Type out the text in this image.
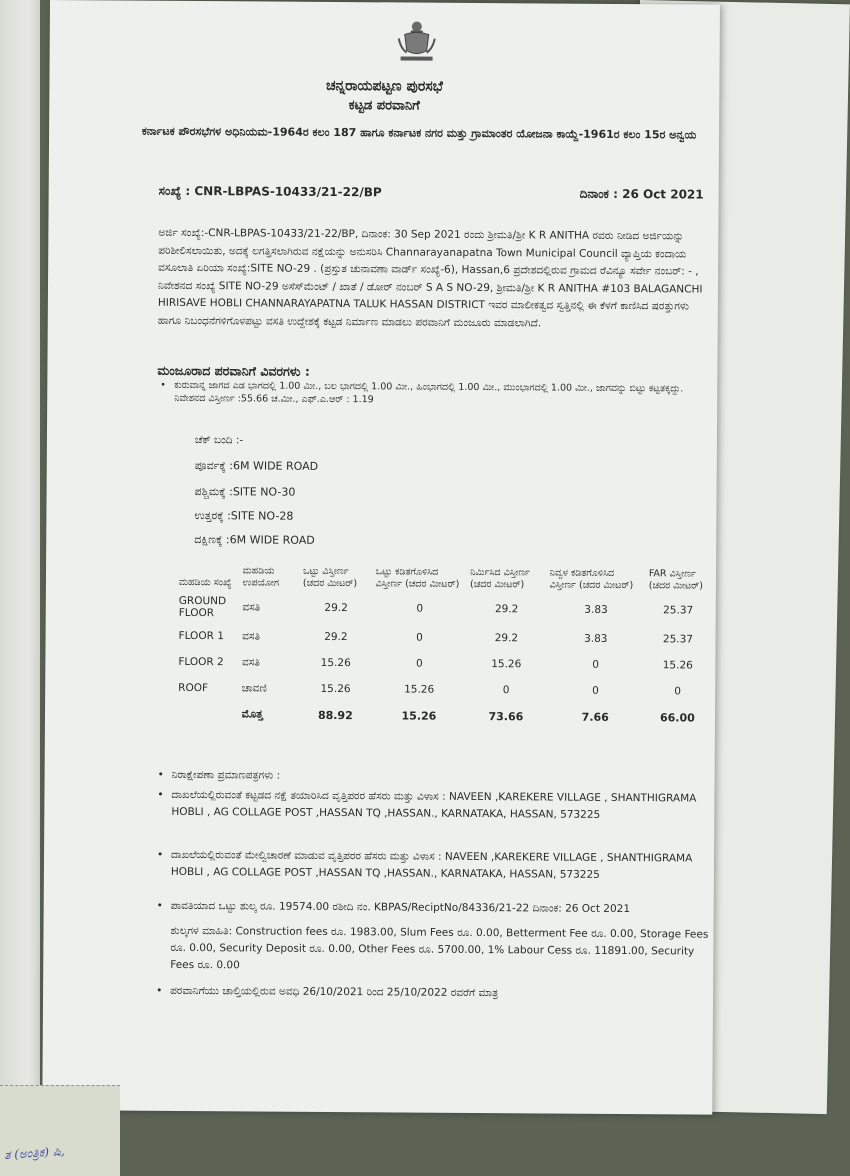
ಚನ್ನರಾಯಪಟ್ಟಣ ಪುರಸಭೆ
ಕಟ್ಟಡ ಪರವಾನಿಗೆ
ಕರ್ನಾಟಕ ಪೌರಸಭೆಗಳ ಅಧಿನಿಯಮ-1964ರ ಕಲಂ 187 ಹಾಗೂ ಕರ್ನಾಟಕ ನಗರ ಮತ್ತು ಗ್ರಾಮಾಂತರ ಯೋಜನಾ ಕಾಯ್ದೆ-1961ರ ಕಲಂ 15ರ ಅನ್ವಯ
ಸಂಖ್ಯೆ : CNR-LBPAS-10433/21-22/BP	ದಿನಾಂಕ : 26 Oct 2021
ಅರ್ಜಿ ಸಂಖ್ಯೆ:-CNR-LBPAS-10433/21-22/BP, ದಿನಾಂಕ: 30 Sep 2021 ರಂದು ಶ್ರೀಮತಿ/ಶ್ರೀ K R ANITHA ರವರು ನೀಡಿದ ಅರ್ಜಿಯನ್ನು ಪರಿಶೀಲಿಸಲಾಯಿತು, ಅದಕ್ಕೆ ಲಗತ್ತಿಸಲಾಗಿರುವ ನಕ್ಷೆಯನ್ನು ಅನುಸರಿಸಿ Channarayanapatna Town Municipal Council ವ್ಯಾಪ್ತಿಯ ಕಂದಾಯ ವಸೂಲಾತಿ ಏರಿಯಾ ಸಂಖ್ಯೆ:SITE NO-29 . (ಪ್ರಸ್ತುತ ಚುನಾವಣಾ ವಾರ್ಡ್ ಸಂಖ್ಯೆ-6), Hassan,6 ಪ್ರದೇಶದಲ್ಲಿರುವ ಗ್ರಾಮದ ರೆವಿನ್ಯೂ ಸರ್ವೇ ನಂಬರ್: - , ನಿವೇಶನದ ಸಂಖ್ಯೆ SITE NO-29 ಅಸೆಸ್‌ಮೆಂಟ್ / ಖಾತೆ / ಡೋರ್ ನಂಬರ್ S A S NO-29, ಶ್ರೀಮತಿ/ಶ್ರೀ K R ANITHA #103 BALAGANCHI HIRISAVE HOBLI CHANNARAYAPATNA TALUK HASSAN DISTRICT ಇವರ ಮಾಲೀಕತ್ವದ ಸ್ವತ್ತಿನಲ್ಲಿ ಈ ಕೆಳಗೆ ಕಾಣಿಸಿದ ಷರತ್ತುಗಳು ಹಾಗೂ ನಿಬಂಧನೆಗಳಿಗೊಳಪಟ್ಟು ವಸತಿ ಉದ್ದೇಶಕ್ಕೆ ಕಟ್ಟಡ ನಿರ್ಮಾಣ ಮಾಡಲು ಪರವಾನಿಗೆ ಮಂಜೂರು ಮಾಡಲಾಗಿದೆ.
ಮಂಜೂರಾದ ಪರವಾನಿಗೆ ವಿವರಗಳು :
• ಕುರುವಾನ್ನ ಜಾಗದ ಎಡ ಭಾಗದಲ್ಲಿ 1.00 ಮೀ., ಬಲ ಭಾಗದಲ್ಲಿ 1.00 ಮೀ., ಹಿಂಭಾಗದಲ್ಲಿ 1.00 ಮೀ., ಮುಂಭಾಗದಲ್ಲಿ 1.00 ಮೀ., ಜಾಗವನ್ನು ಬಿಟ್ಟು ಕಟ್ಟತಕ್ಕದ್ದು.
ನಿವೇಶನದ ವಿಸ್ತೀರ್ಣ :55.66 ಚ.ಮೀ., ಎಫ್.ಎ.ಆರ್ : 1.19
ಚೆಕ್ ಬಂದಿ :-
ಪೂರ್ವಕ್ಕೆ :6M WIDE ROAD
ಪಶ್ಚಿಮಕ್ಕೆ :SITE NO-30
ಉತ್ತರಕ್ಕೆ :SITE NO-28
ದಕ್ಷಿಣಕ್ಕೆ :6M WIDE ROAD
ಮಹಡಿಯ ಸಂಖ್ಯೆ	ಮಹಡಿಯ ಉಪಯೋಗ	ಒಟ್ಟು ವಿಸ್ತೀರ್ಣ (ಚದರ ಮೀಟರ್)	ಒಟ್ಟು ಕಡಿತಗೊಳಿಸಿದ ವಿಸ್ತೀರ್ಣ (ಚದರ ಮೀಟರ್)	ನಿರ್ಮಿಸಿದ ವಿಸ್ತೀರ್ಣ (ಚದರ ಮೀಟರ್)	ನಿವ್ವಳ ಕಡಿತಗೊಳಿಸಿದ ವಿಸ್ತೀರ್ಣ (ಚದರ ಮೀಟರ್)	FAR ವಿಸ್ತೀರ್ಣ (ಚದರ ಮೀಟರ್)
GROUND FLOOR	ವಸತಿ	29.2	0	29.2	3.83	25.37
FLOOR 1	ವಸತಿ	29.2	0	29.2	3.83	25.37
FLOOR 2	ವಸತಿ	15.26	0	15.26	0	15.26
ROOF	ಚಾವಣಿ	15.26	15.26	0	0	0
	ಮೊತ್ತ	88.92	15.26	73.66	7.66	66.00
• ನಿರಾಕ್ಷೇಪಣಾ ಪ್ರಮಾಣಪತ್ರಗಳು :
• ದಾಖಲೆಯಲ್ಲಿರುವಂತೆ ಕಟ್ಟಡದ ನಕ್ಷೆ ತಯಾರಿಸಿದ ವೃತ್ತಿಪರರ ಹೆಸರು ಮತ್ತು ವಿಳಾಸ : NAVEEN ,KAREKERE VILLAGE , SHANTHIGRAMA HOBLI , AG COLLAGE POST ,HASSAN TQ ,HASSAN., KARNATAKA, HASSAN, 573225
• ದಾಖಲೆಯಲ್ಲಿರುವಂತೆ ಮೇಲ್ವಿಚಾರಣೆ ಮಾಡುವ ವೃತ್ತಿಪರರ ಹೆಸರು ಮತ್ತು ವಿಳಾಸ : NAVEEN ,KAREKERE VILLAGE , SHANTHIGRAMA HOBLI , AG COLLAGE POST ,HASSAN TQ ,HASSAN., KARNATAKA, HASSAN, 573225
• ಪಾವತಿಯಾದ ಒಟ್ಟು ಶುಲ್ಕ ರೂ. 19574.00 ರಶೀದಿ ನಂ. KBPAS/ReciptNo/84336/21-22 ದಿನಾಂಕ: 26 Oct 2021
ಶುಲ್ಕಗಳ ಮಾಹಿತಿ: Construction fees ರೂ. 1983.00, Slum Fees ರೂ. 0.00, Betterment Fee ರೂ. 0.00, Storage Fees ರೂ. 0.00, Security Deposit ರೂ. 0.00, Other Fees ರೂ. 5700.00, 1% Labour Cess ರೂ. 11891.00, Security Fees ರೂ. 0.00
• ಪರವಾನಿಗೆಯು ಚಾಲ್ತಿಯಲ್ಲಿರುವ ಅವಧಿ 26/10/2021 ರಿಂದ 25/10/2022 ರವರೆಗೆ ಮಾತ್ರ
ತ (ಅಂತ್ರಿಕ) ಷಿ,
